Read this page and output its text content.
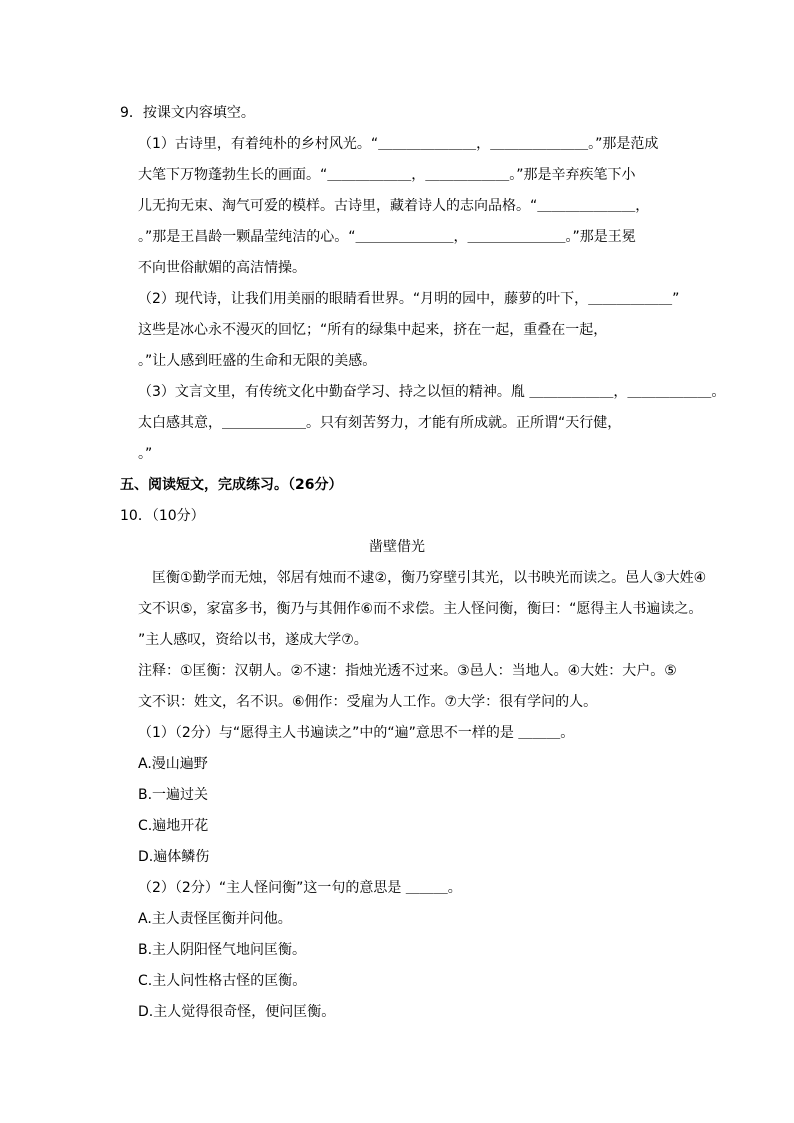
9．按课文内容填空。

（1）古诗里，有着纯朴的乡村风光。“＿＿＿＿＿＿＿，＿＿＿＿＿＿＿。”那是范成

大笔下万物蓬勃生长的画面。“＿＿＿＿＿＿，＿＿＿＿＿＿。”那是辛弃疾笔下小

儿无拘无束、淘气可爱的模样。古诗里，藏着诗人的志向品格。“＿＿＿＿＿＿＿，

。”那是王昌龄一颗晶莹纯洁的心。“＿＿＿＿＿＿＿，＿＿＿＿＿＿＿。”那是王冕

不向世俗献媚的高洁情操。

（2）现代诗，让我们用美丽的眼睛看世界。“月明的园中，藤萝的叶下，＿＿＿＿＿＿”

这些是冰心永不漫灭的回忆；“所有的绿集中起来，挤在一起，重叠在一起，

。”让人感到旺盛的生命和无限的美感。

（3）文言文里，有传统文化中勤奋学习、持之以恒的精神。胤 ＿＿＿＿＿＿，＿＿＿＿＿＿。

太白感其意，＿＿＿＿＿＿。只有刻苦努力，才能有所成就。正所谓“天行健，

。”

五、阅读短文，完成练习。（26分）

10．（10分）

凿壁借光

匡衡①勤学而无烛，邻居有烛而不逮②，衡乃穿壁引其光，以书映光而读之。邑人③大姓④

文不识⑤，家富多书，衡乃与其佣作⑥而不求偿。主人怪问衡，衡曰：“愿得主人书遍读之。

”主人感叹，资给以书，遂成大学⑦。

注释：①匡衡：汉朝人。②不逮：指烛光透不过来。③邑人：当地人。④大姓：大户。⑤

文不识：姓文，名不识。⑥佣作：受雇为人工作。⑦大学：很有学问的人。

（1）（2分）与“愿得主人书遍读之”中的“遍”意思不一样的是 ＿＿＿。

A.漫山遍野

B.一遍过关

C.遍地开花

D.遍体鳞伤

（2）（2分）“主人怪问衡”这一句的意思是 ＿＿＿。

A.主人责怪匡衡并问他。

B.主人阴阳怪气地问匡衡。

C.主人问性格古怪的匡衡。

D.主人觉得很奇怪，便问匡衡。
